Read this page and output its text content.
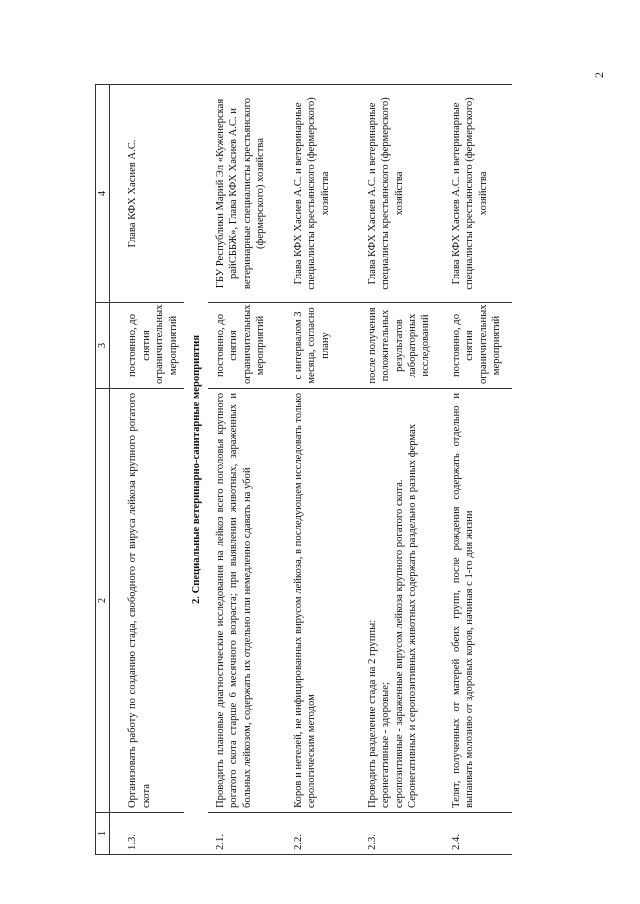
2
1	2	3	4
1.3.	Организовать работу по созданию стада, свободного от вируса лейкоза крупного рогатого скота	постоянно, до снятия ограничительных мероприятий	Глава КФХ Хасиев А.С.
2. Специальные ветеринарно-санитарные мероприятия			
2.1.	Проводить плановые диагностические исследования на лейкоз всего поголовья крупного рогатого скота старше 6 месячного возраста; при выявлении животных, зараженных и больных лейкозом, содержать их отдельно или немедленно сдавать на убой	постоянно, до снятия ограничительных мероприятий	ГБУ Республики Марий Эл «Куженерская райСББЖ», Глава КФХ Хасиев А.С. и ветеринарные специалисты крестьянского (фермерского) хозяйства
2.2.	Коров и нетелей, не инфицированных вирусом лейкоза, в последующем исследовать только серологическим методом	с интервалом 3 месяца, согласно плану	Глава КФХ Хасиев А.С. и ветеринарные специалисты крестьянского (фермерского) хозяйства
2.3.	Проводить разделение стада на 2 группы: серонегативные - здоровые; серопозитивные - зараженные вирусом лейкоза крупного рогатого скота. Серонегативных и серопозитивных животных содержать раздельно в разных фермах	после получения положительных результатов лабораторных исследований	Глава КФХ Хасиев А.С. и ветеринарные специалисты крестьянского (фермерского) хозяйства
2.4.	Телят, полученных от матерей обеих групп, после рождения содержать отдельно и выпаивать молозиво от здоровых коров, начиная с 1-го дня жизни	постоянно, до снятия ограничительных мероприятий	Глава КФХ Хасиев А.С. и ветеринарные специалисты крестьянского (фермерского) хозяйства
